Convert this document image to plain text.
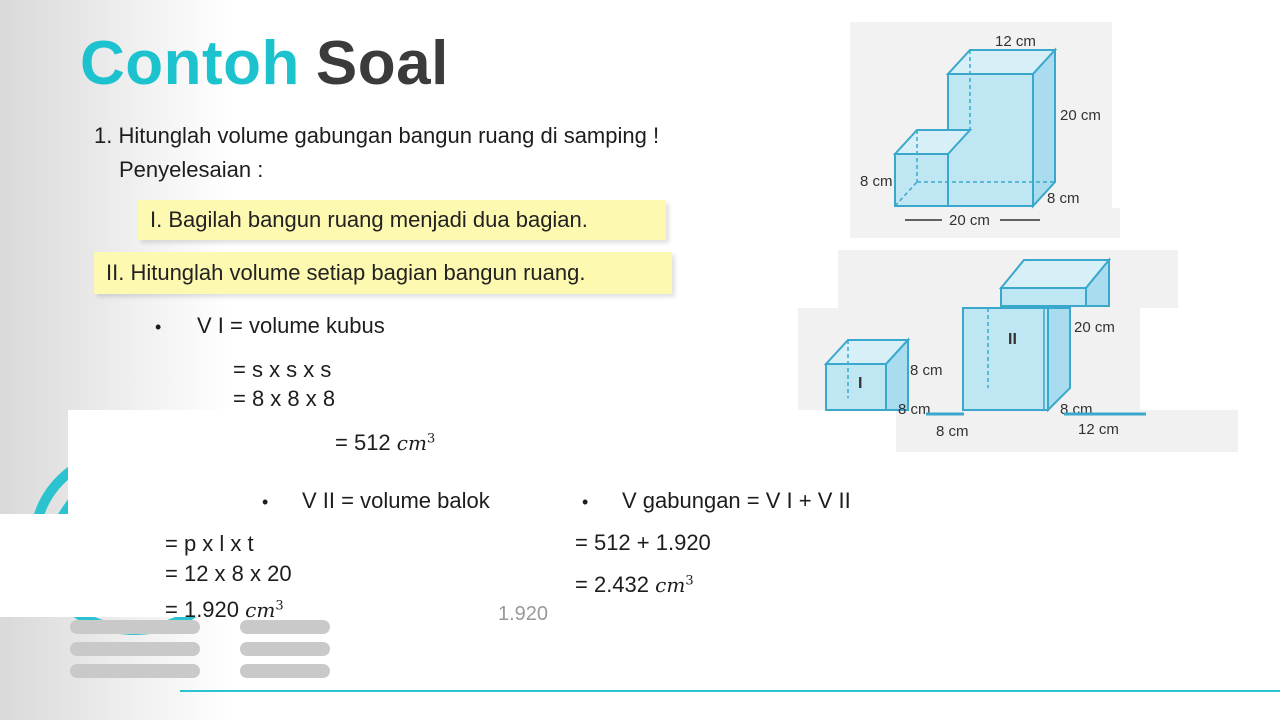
Contoh Soal
1. Hitunglah volume gabungan bangun ruang di samping !
Penyelesaian :
I. Bagilah bangun ruang menjadi dua bagian.
II. Hitunglah volume setiap bagian bangun ruang.
• V I = volume kubus
= s x s x s
= 8 x 8 x 8
= 512 $cm^3$
• V II = volume balok
= p x l x t
= 12 x 8 x 20
= 1.920 $cm^3$	1.920
• V gabungan = V I + V II
= 512 + 1.920
= 2.432 $cm^3$
12 cm
20 cm
8 cm
8 cm
20 cm
II
I
20 cm
8 cm
8 cm	8 cm
8 cm	12 cm
